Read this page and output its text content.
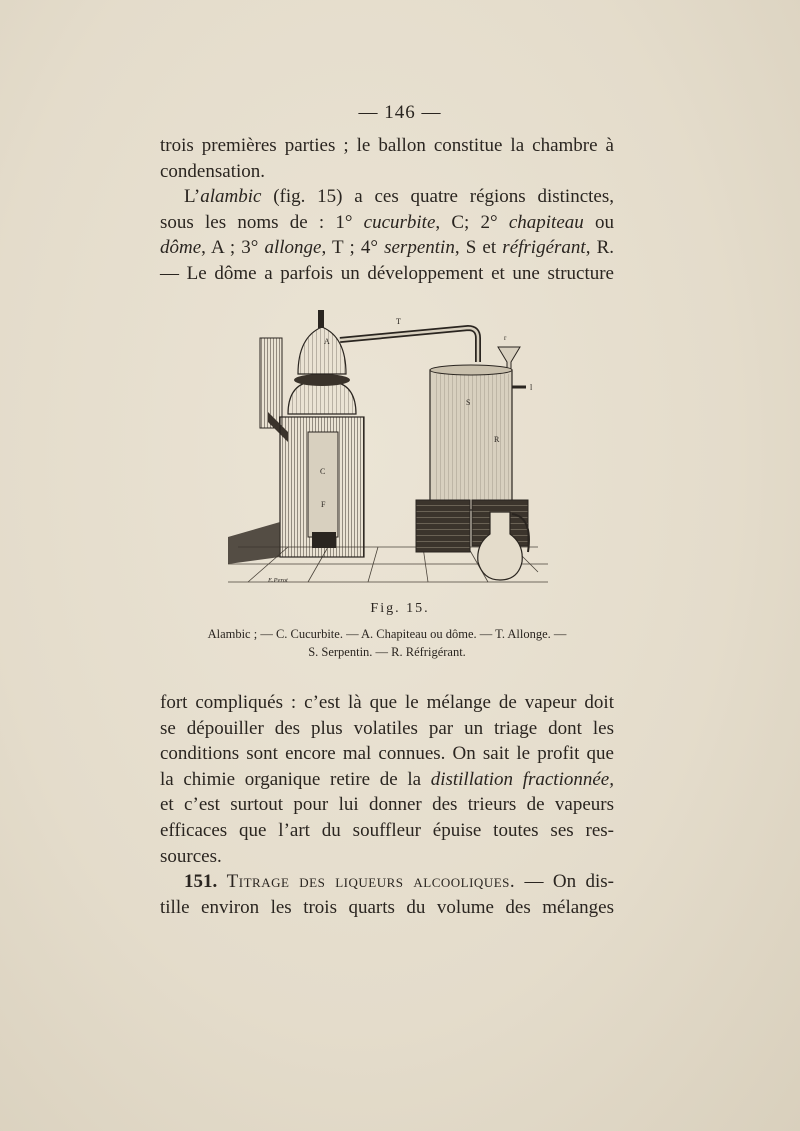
— 146 —
trois premières parties ; le ballon constitue la chambre à
condensation.
L’alambic (fig. 15) a ces quatre régions distinctes,
sous les noms de : 1° cucurbite, C; 2° chapiteau ou
dôme, A ; 3° allonge, T ; 4° serpentin, S et réfrigérant, R.
— Le dôme a parfois un développement et une structure
C
F
A
T
r
l
S
R
E.Perot
Fig. 15.
Alambic ; — C. Cucurbite. — A. Chapiteau ou dôme. — T. Allonge. —
S. Serpentin. — R. Réfrigérant.
fort compliqués : c’est là que le mélange de vapeur doit
se dépouiller des plus volatiles par un triage dont les
conditions sont encore mal connues. On sait le profit que
la chimie organique retire de la distillation fractionnée,
et c’est surtout pour lui donner des trieurs de vapeurs
efficaces que l’art du souffleur épuise toutes ses res-
sources.
151. Titrage des liqueurs alcooliques. — On dis-
tille environ les trois quarts du volume des mélanges
